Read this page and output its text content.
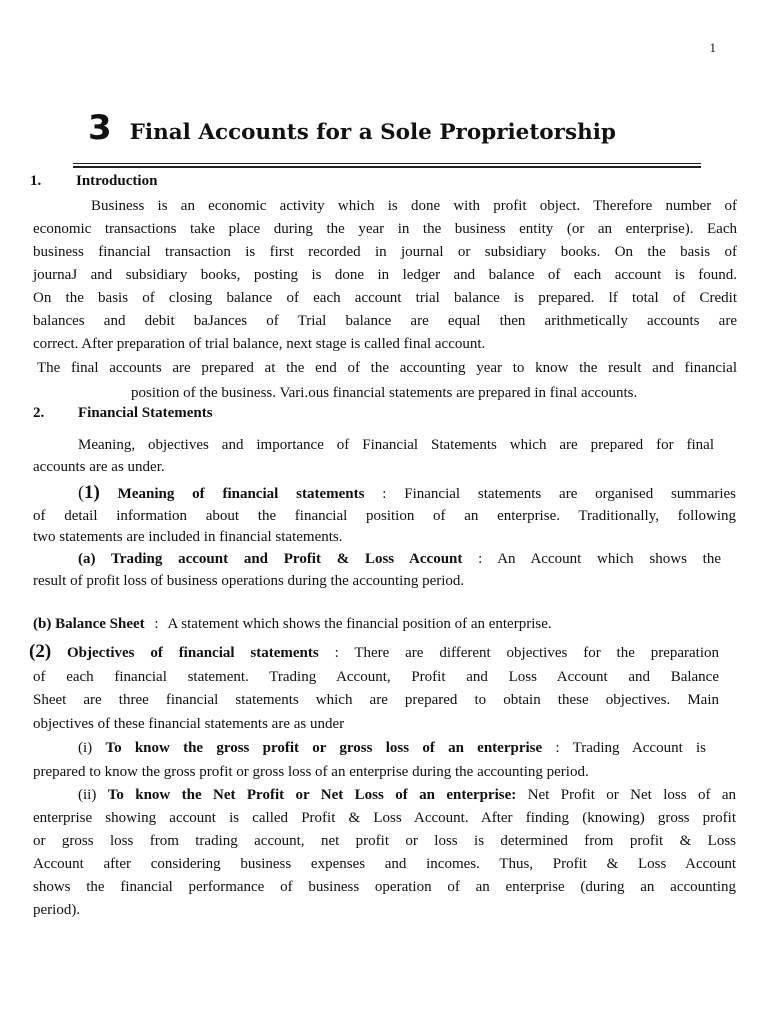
1
3 Final Accounts for a Sole Proprietorship
1. Introduction
Business is an economic activity which is done with profit object. Therefore number of
economic transactions take place during the year in the business entity (or an enterprise). Each
business financial transaction is first recorded in journal or subsidiary books. On the basis of
journaJ and subsidiary books, posting is done in ledger and balance of each account is found.
On the basis of closing balance of each account trial balance is prepared. lf total of Credit
balances and debit baJances of Trial balance are equal then arithmetically accounts are
correct. After preparation of trial balance, next stage is called final account.
The final accounts are prepared at the end of the accounting year to know the result and financial
position of the business. Vari.ous financial statements are prepared in final accounts.
2. Financial Statements
Meaning, objectives and importance of Financial Statements which are prepared for final
accounts are as under.
(1) Meaning of financial statements : Financial statements are organised summaries
of detail information about the financial position of an enterprise. Traditionally, following
two statements are included in financial statements.
(a) Trading account and Profit & Loss Account : An Account which shows the
result of profit loss of business operations during the accounting period.
(b) Balance Sheet : A statement which shows the financial position of an enterprise.
(2) Objectives of financial statements : There are different objectives for the preparation
of each financial statement. Trading Account, Profit and Loss Account and Balance
Sheet are three financial statements which are prepared to obtain these objectives. Main
objectives of these financial statements are as under
(i) To know the gross profit or gross loss of an enterprise : Trading Account is
prepared to know the gross profit or gross loss of an enterprise during the accounting period.
(ii) To know the Net Profit or Net Loss of an enterprise: Net Profit or Net loss of an
enterprise showing account is called Profit & Loss Account. After finding (knowing) gross profit
or gross loss from trading account, net profit or loss is determined from profit & Loss
Account after considering business expenses and incomes. Thus, Profit & Loss Account
shows the financial performance of business operation of an enterprise (during an accounting
period).
